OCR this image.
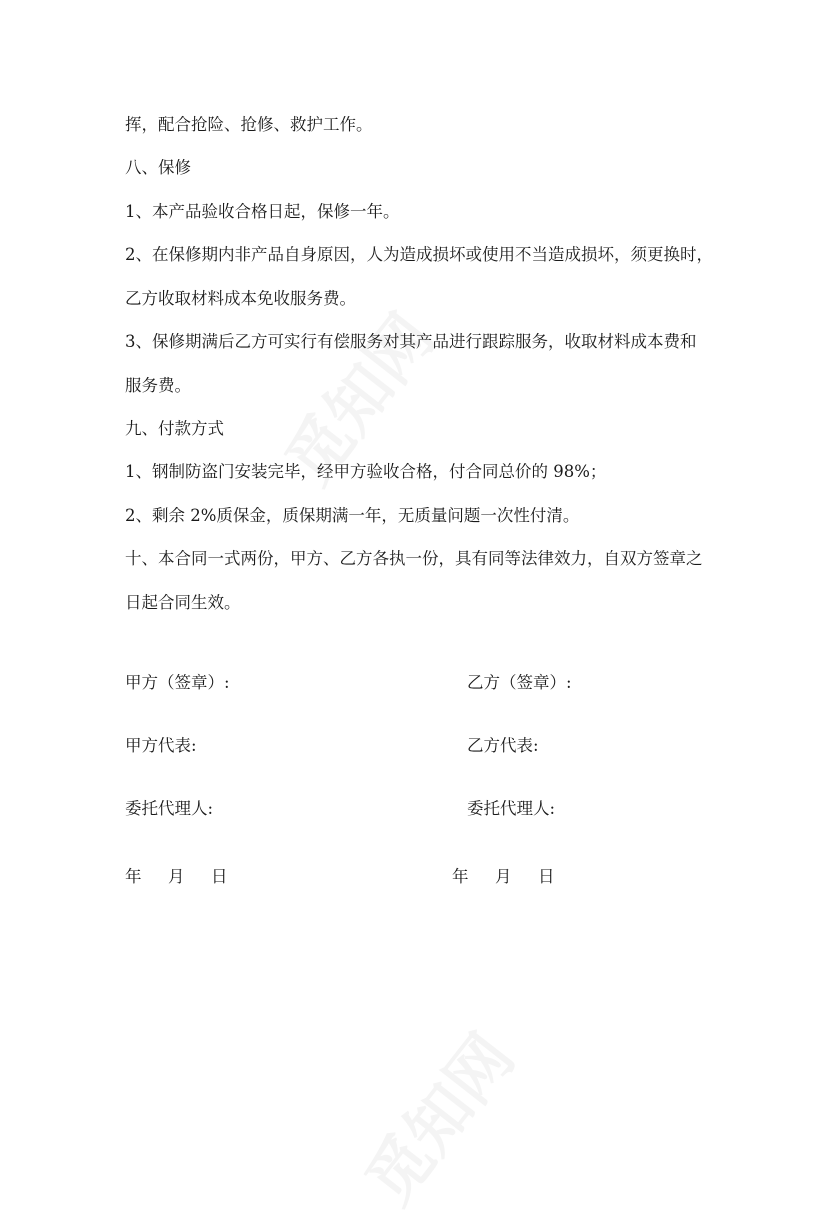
挥，配合抢险、抢修、救护工作。
八、保修
1、本产品验收合格日起，保修一年。
2、在保修期内非产品自身原因，人为造成损坏或使用不当造成损坏，须更换时，
乙方收取材料成本免收服务费。
3、保修期满后乙方可实行有偿服务对其产品进行跟踪服务，收取材料成本费和
服务费。
九、付款方式
1、钢制防盗门安装完毕，经甲方验收合格，付合同总价的 98%；
2、剩余 2%质保金，质保期满一年，无质量问题一次性付清。
十、本合同一式两份，甲方、乙方各执一份，具有同等法律效力，自双方签章之
日起合同生效。
甲方（签章）:	乙方（签章）:
甲方代表:	乙方代表:
委托代理人:	委托代理人:
年 月 日	年 月 日
